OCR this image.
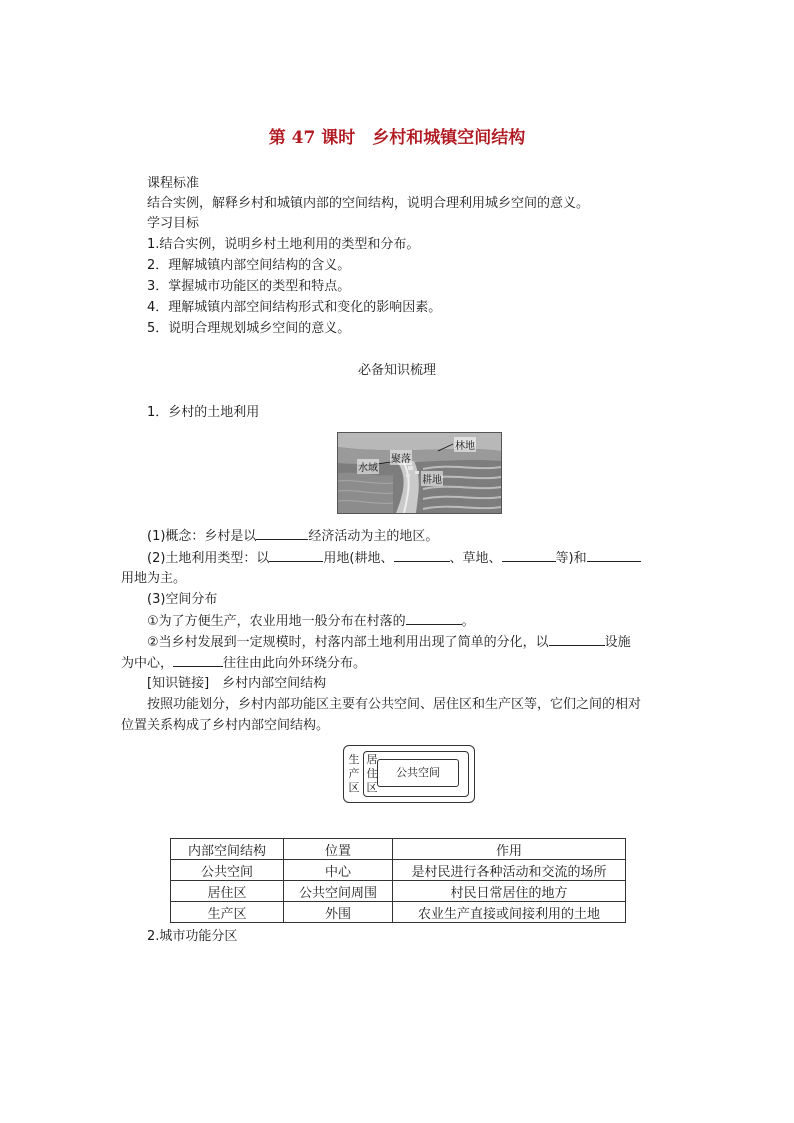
第 47 课时　乡村和城镇空间结构
课程标准
结合实例，解释乡村和城镇内部的空间结构，说明合理利用城乡空间的意义。
学习目标
1.结合实例，说明乡村土地利用的类型和分布。
2．理解城镇内部空间结构的含义。
3．掌握城市功能区的类型和特点。
4．理解城镇内部空间结构形式和变化的影响因素。
5．说明合理规划城乡空间的意义。
必备知识梳理
1．乡村的土地利用
林地
聚落
水域
耕地
(1)概念：乡村是以	经济活动为主的地区。
(2)土地利用类型：以	用地(耕地、	、草地、	等)和
用地为主。
(3)空间分布
①为了方便生产，农业用地一般分布在村落的	。
②当乡村发展到一定规模时，村落内部土地利用出现了简单的分化，以	设施
为中心，	往往由此向外环绕分布。
[知识链接]　乡村内部空间结构
按照功能划分，乡村内部功能区主要有公共空间、居住区和生产区等，它们之间的相对
位置关系构成了乡村内部空间结构。
生
产
区
居
住
区
公共空间
内部空间结构	位置	作用
公共空间	中心	是村民进行各种活动和交流的场所
居住区	公共空间周围	村民日常居住的地方
生产区	外围	农业生产直接或间接利用的土地
2.城市功能分区
